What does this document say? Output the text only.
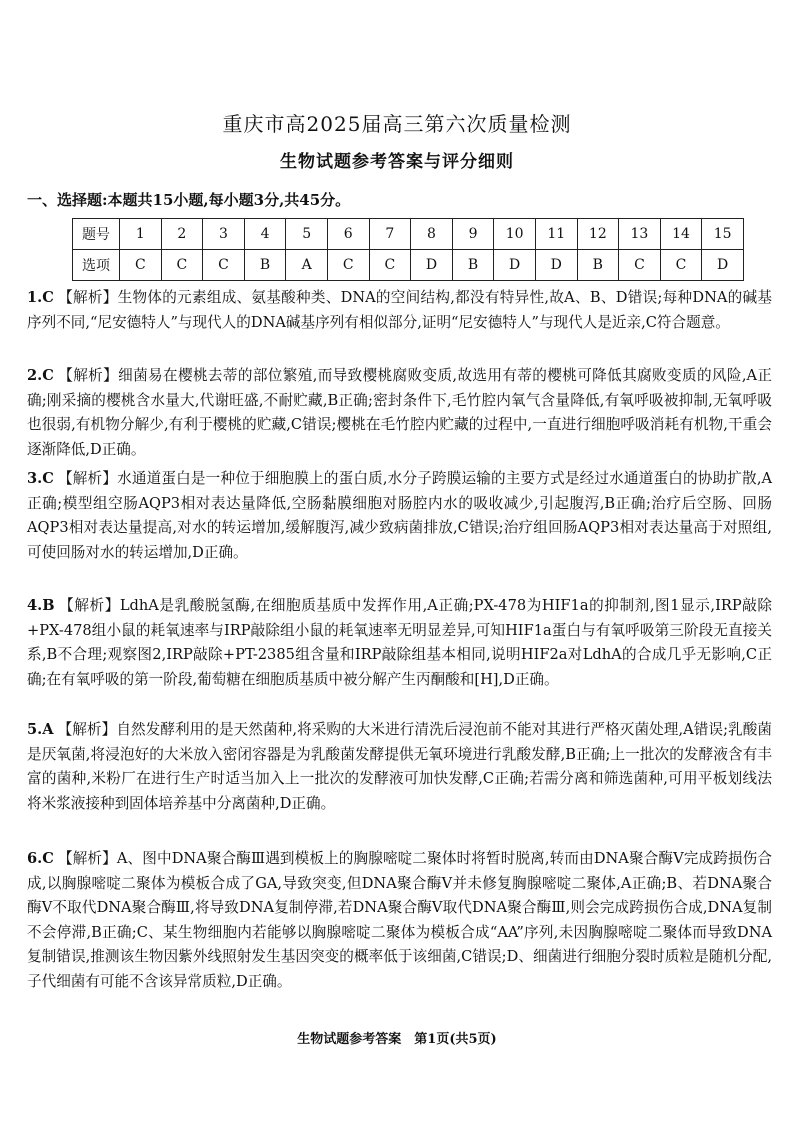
重庆市高2025届高三第六次质量检测
生物试题参考答案与评分细则
一、选择题:本题共15小题,每小题3分,共45分。
题号	1	2	3	4	5	6	7	8	9	10	11	12	13	14	15
选项	C	C	C	B	A	C	C	D	B	D	D	B	C	C	D
1.C 【解析】生物体的元素组成、氨基酸种类、DNA的空间结构,都没有特异性,故A、B、D错误;每种DNA的碱基序列不同,“尼安德特人”与现代人的DNA碱基序列有相似部分,证明“尼安德特人”与现代人是近亲,C符合题意。
2.C 【解析】细菌易在樱桃去蒂的部位繁殖,而导致樱桃腐败变质,故选用有蒂的樱桃可降低其腐败变质的风险,A正确;刚采摘的樱桃含水量大,代谢旺盛,不耐贮藏,B正确;密封条件下,毛竹腔内氧气含量降低,有氧呼吸被抑制,无氧呼吸也很弱,有机物分解少,有利于樱桃的贮藏,C错误;樱桃在毛竹腔内贮藏的过程中,一直进行细胞呼吸消耗有机物,干重会逐渐降低,D正确。
3.C 【解析】水通道蛋白是一种位于细胞膜上的蛋白质,水分子跨膜运输的主要方式是经过水通道蛋白的协助扩散,A正确;模型组空肠AQP3相对表达量降低,空肠黏膜细胞对肠腔内水的吸收减少,引起腹泻,B正确;治疗后空肠、回肠AQP3相对表达量提高,对水的转运增加,缓解腹泻,减少致病菌排放,C错误;治疗组回肠AQP3相对表达量高于对照组,可使回肠对水的转运增加,D正确。
4.B 【解析】LdhA是乳酸脱氢酶,在细胞质基质中发挥作用,A正确;PX-478为HIF1a的抑制剂,图1显示,IRP敲除+PX-478组小鼠的耗氧速率与IRP敲除组小鼠的耗氧速率无明显差异,可知HIF1a蛋白与有氧呼吸第三阶段无直接关系,B不合理;观察图2,IRP敲除+PT-2385组含量和IRP敲除组基本相同,说明HIF2a对LdhA的合成几乎无影响,C正确;在有氧呼吸的第一阶段,葡萄糖在细胞质基质中被分解产生丙酮酸和[H],D正确。
5.A 【解析】自然发酵利用的是天然菌种,将采购的大米进行清洗后浸泡前不能对其进行严格灭菌处理,A错误;乳酸菌是厌氧菌,将浸泡好的大米放入密闭容器是为乳酸菌发酵提供无氧环境进行乳酸发酵,B正确;上一批次的发酵液含有丰富的菌种,米粉厂在进行生产时适当加入上一批次的发酵液可加快发酵,C正确;若需分离和筛选菌种,可用平板划线法将米浆液接种到固体培养基中分离菌种,D正确。
6.C 【解析】A、图中DNA聚合酶Ⅲ遇到模板上的胸腺嘧啶二聚体时将暂时脱离,转而由DNA聚合酶Ⅴ完成跨损伤合成,以胸腺嘧啶二聚体为模板合成了GA,导致突变,但DNA聚合酶Ⅴ并未修复胸腺嘧啶二聚体,A正确;B、若DNA聚合酶Ⅴ不取代DNA聚合酶Ⅲ,将导致DNA复制停滞,若DNA聚合酶Ⅴ取代DNA聚合酶Ⅲ,则会完成跨损伤合成,DNA复制不会停滞,B正确;C、某生物细胞内若能够以胸腺嘧啶二聚体为模板合成“AA”序列,未因胸腺嘧啶二聚体而导致DNA复制错误,推测该生物因紫外线照射发生基因突变的概率低于该细菌,C错误;D、细菌进行细胞分裂时质粒是随机分配,子代细菌有可能不含该异常质粒,D正确。
生物试题参考答案　第1页(共5页)
